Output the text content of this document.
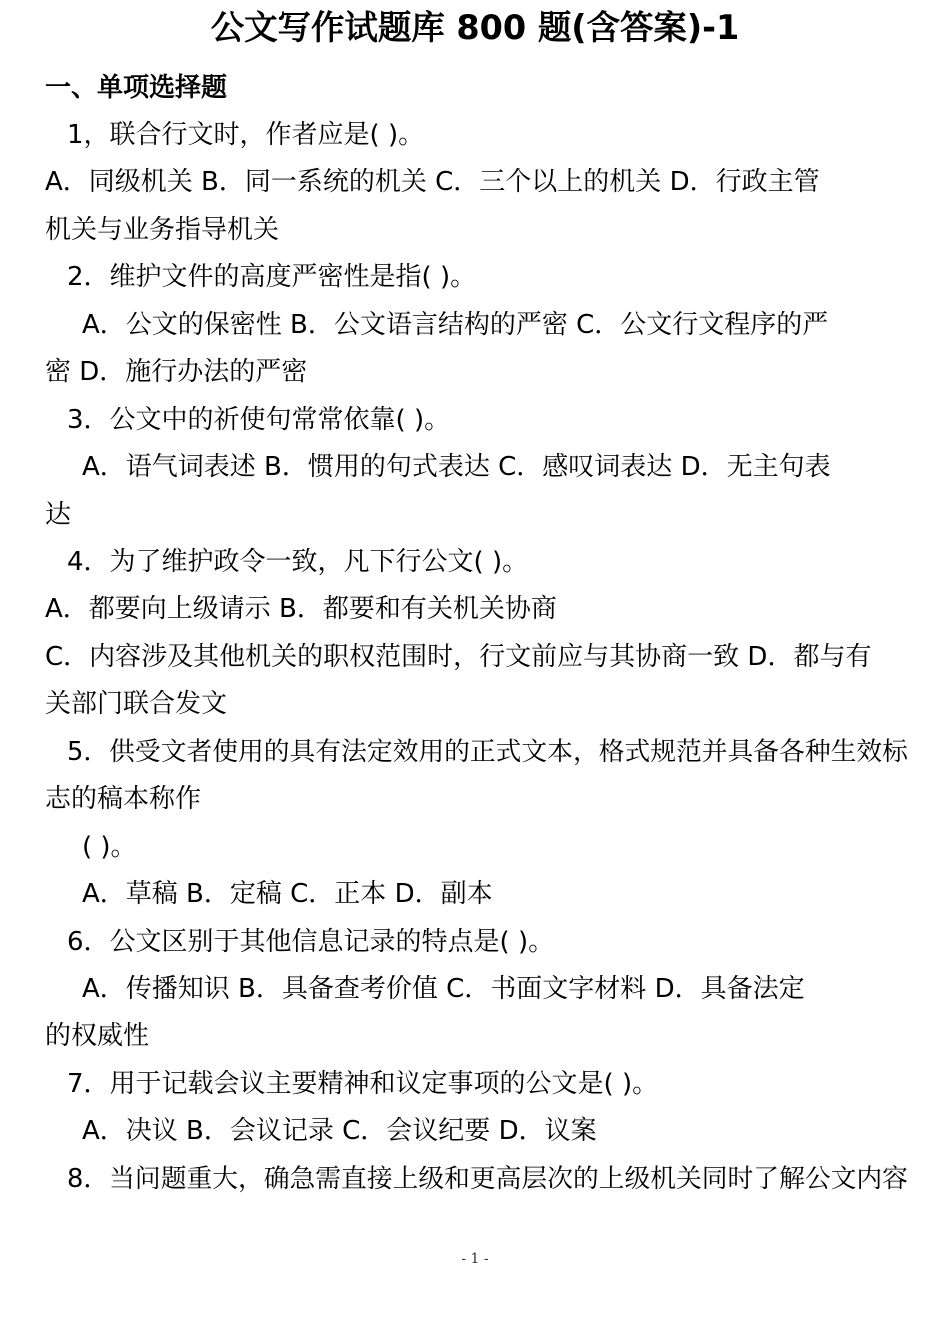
公文写作试题库 800 题(含答案)-1
一、单项选择题
1，联合行文时，作者应是( )。
A．同级机关 B．同一系统的机关 C．三个以上的机关 D．行政主管
机关与业务指导机关
2．维护文件的高度严密性是指( )。
A．公文的保密性 B．公文语言结构的严密 C．公文行文程序的严
密 D．施行办法的严密
3．公文中的祈使句常常依靠( )。
A．语气词表述 B．惯用的句式表达 C．感叹词表达 D．无主句表
达
4．为了维护政令一致，凡下行公文( )。
A．都要向上级请示 B．都要和有关机关协商
C．内容涉及其他机关的职权范围时，行文前应与其协商一致 D．都与有
关部门联合发文
5．供受文者使用的具有法定效用的正式文本，格式规范并具备各种生效标
志的稿本称作
( )。
A．草稿 B．定稿 C．正本 D．副本
6．公文区别于其他信息记录的特点是( )。
A．传播知识 B．具备查考价值 C．书面文字材料 D．具备法定
的权威性
7．用于记载会议主要精神和议定事项的公文是( )。
A．决议 B．会议记录 C．会议纪要 D．议案
8．当问题重大，确急需直接上级和更高层次的上级机关同时了解公文内容
- 1 -
